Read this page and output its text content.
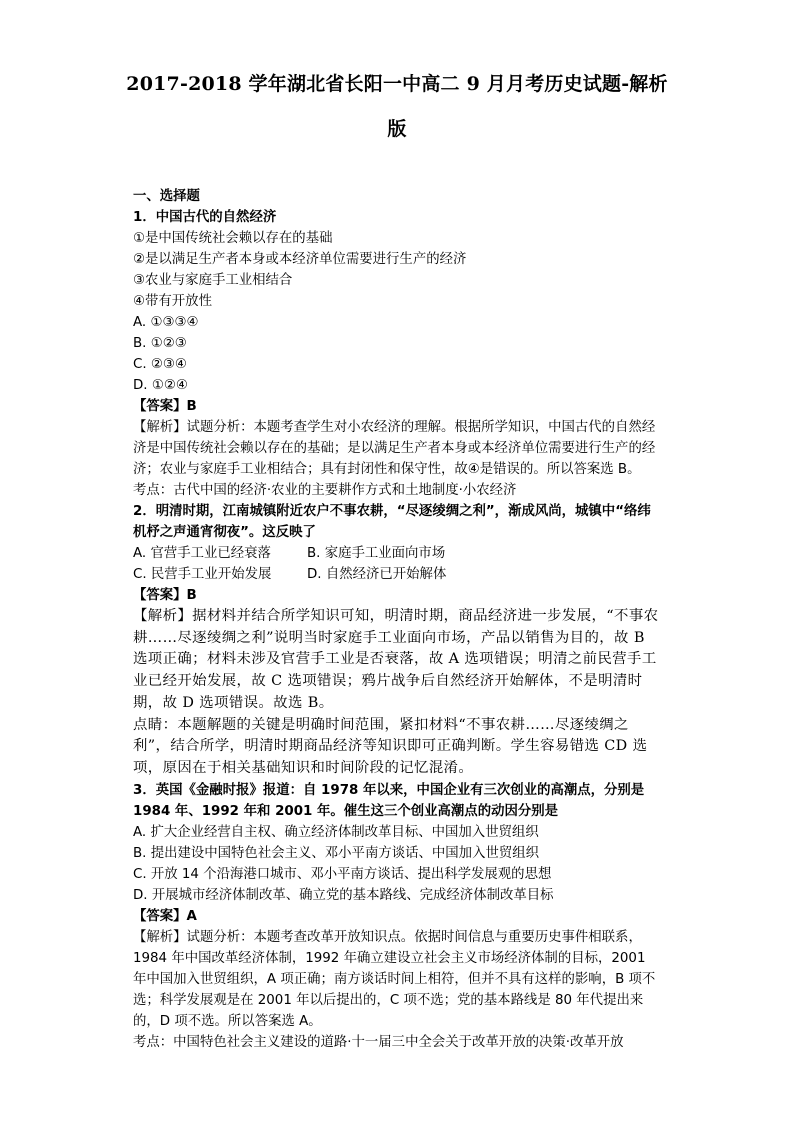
2017-2018 学年湖北省长阳一中高二 9 月月考历史试题-解析版

一、选择题

1．中国古代的自然经济

①是中国传统社会赖以存在的基础

②是以满足生产者本身或本经济单位需要进行生产的经济

③农业与家庭手工业相结合

④带有开放性

A. ①③③④

B. ①②③

C. ②③④

D. ①②④

【答案】B

【解析】试题分析：本题考查学生对小农经济的理解。根据所学知识，中国古代的自然经济是中国传统社会赖以存在的基础；是以满足生产者本身或本经济单位需要进行生产的经济；农业与家庭手工业相结合；具有封闭性和保守性，故④是错误的。所以答案选 B。

考点：古代中国的经济·农业的主要耕作方式和土地制度·小农经济

2．明清时期，江南城镇附近农户不事农耕，“尽逐绫绸之利”，渐成风尚，城镇中“络纬机杼之声通宵彻夜”。这反映了

A. 官营手工业已经衰落	B. 家庭手工业面向市场

C. 民营手工业开始发展	D. 自然经济已开始解体

【答案】B

【解析】据材料并结合所学知识可知，明清时期，商品经济进一步发展，“不事农耕……尽逐绫绸之利”说明当时家庭手工业面向市场，产品以销售为目的，故 B 选项正确；材料未涉及官营手工业是否衰落，故 A 选项错误；明清之前民营手工业已经开始发展，故 C 选项错误；鸦片战争后自然经济开始解体，不是明清时期，故 D 选项错误。故选 B。

点睛：本题解题的关键是明确时间范围，紧扣材料“不事农耕……尽逐绫绸之利”，结合所学，明清时期商品经济等知识即可正确判断。学生容易错选 CD 选项，原因在于相关基础知识和时间阶段的记忆混淆。

3．英国《金融时报》报道：自 1978 年以来，中国企业有三次创业的高潮点，分别是 1984 年、1992 年和 2001 年。催生这三个创业高潮点的动因分别是

A. 扩大企业经营自主权、确立经济体制改革目标、中国加入世贸组织

B. 提出建设中国特色社会主义、邓小平南方谈话、中国加入世贸组织

C. 开放 14 个沿海港口城市、邓小平南方谈话、提出科学发展观的思想

D. 开展城市经济体制改革、确立党的基本路线、完成经济体制改革目标

【答案】A

【解析】试题分析：本题考查改革开放知识点。依据时间信息与重要历史事件相联系，1984 年中国改革经济体制，1992 年确立建设立社会主义市场经济体制的目标，2001 年中国加入世贸组织，A 项正确；南方谈话时间上相符，但并不具有这样的影响，B 项不选；科学发展观是在 2001 年以后提出的，C 项不选；党的基本路线是 80 年代提出来的，D 项不选。所以答案选 A。

考点：中国特色社会主义建设的道路·十一届三中全会关于改革开放的决策·改革开放
